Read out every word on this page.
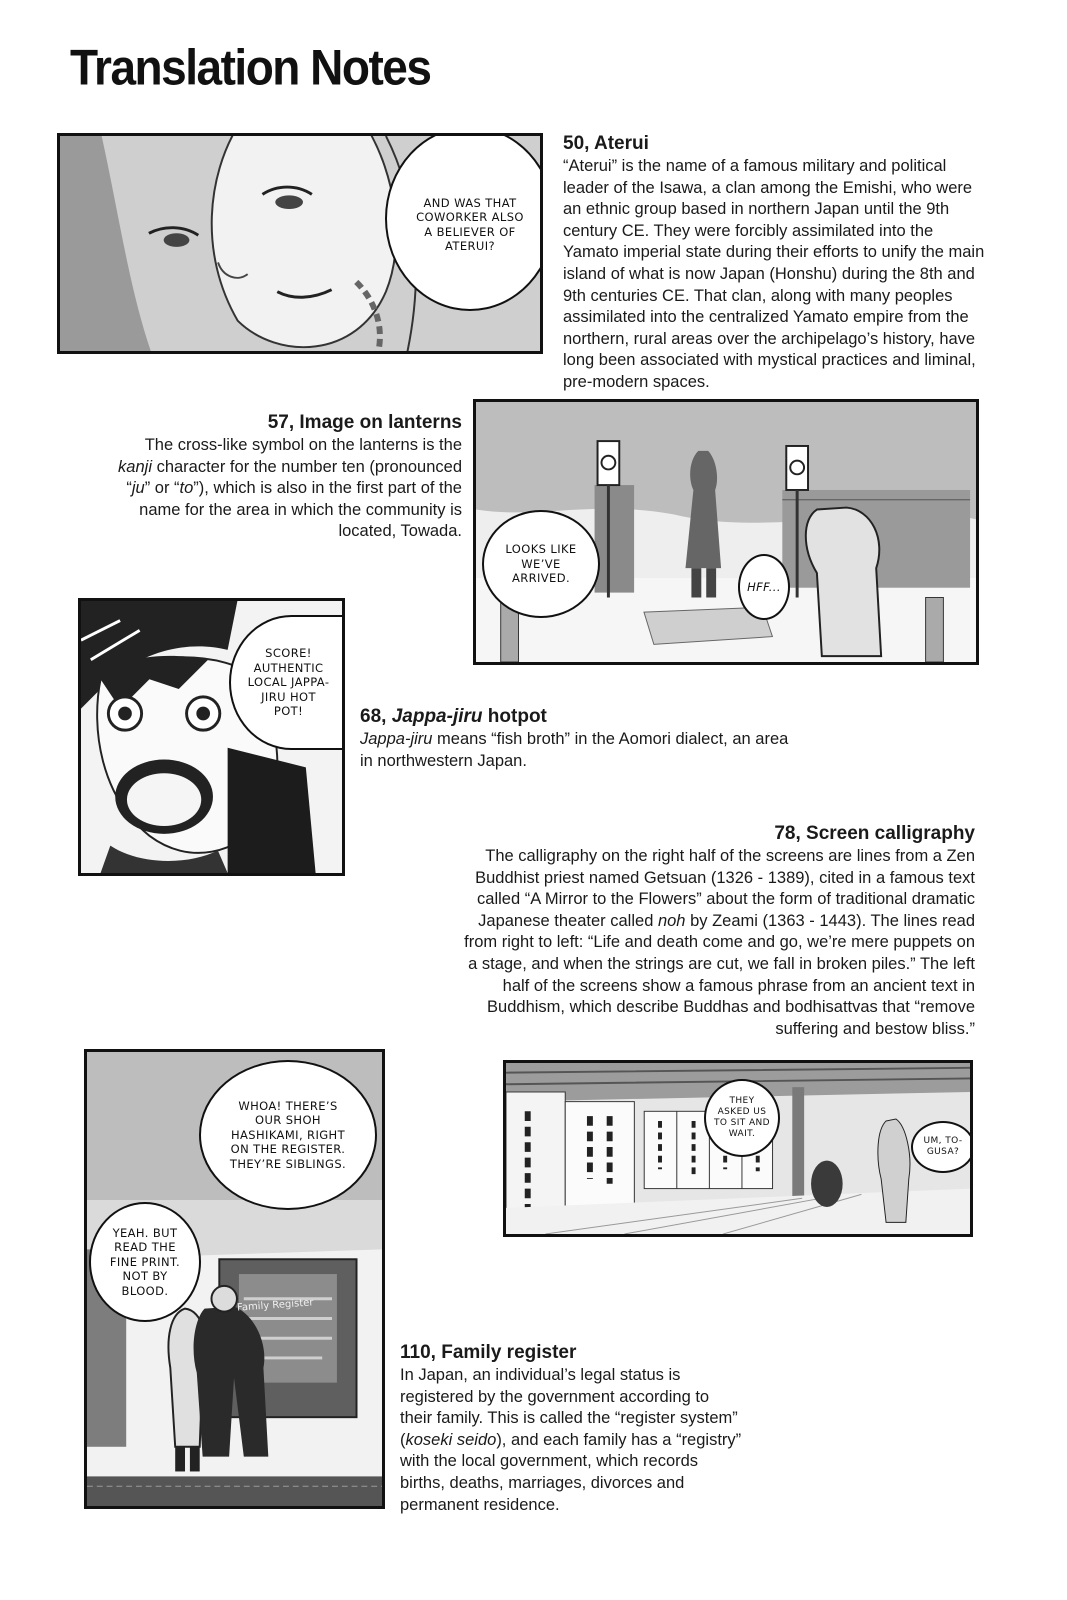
Translation Notes
50, Aterui

“Aterui” is the name of a famous military and political leader of the Isawa, a clan among the Emishi, who were an ethnic group based in northern Japan until the 9th century CE. They were forcibly assimilated into the Yamato imperial state during their efforts to unify the main island of what is now Japan (Honshu) during the 8th and 9th centuries CE. That clan, along with many peoples assimilated into the centralized Yamato empire from the northern, rural areas over the archipelago’s history, have long been associated with mystical practices and liminal, pre-modern spaces.

AND WAS THAT COWORKER ALSO A BELIEVER OF ATERUI?
57, Image on lanterns

The cross-like symbol on the lanterns is the kanji character for the number ten (pronounced “ju” or “to”), which is also in the first part of the name for the area in which the community is located, Towada.

LOOKS LIKE WE’VE ARRIVED.
HFF...
SCORE! AUTHENTIC LOCAL JAPPA-JIRU HOT POT!	68, Jappa-jiru hotpot

Jappa-jiru means “fish broth” in the Aomori dialect, an area in northwestern Japan.

78, Screen calligraphy

The calligraphy on the right half of the screens are lines from a Zen Buddhist priest named Getsuan (1326 - 1389), cited in a famous text called “A Mirror to the Flowers” about the form of traditional dramatic Japanese theater called noh by Zeami (1363 - 1443). The lines read from right to left: “Life and death come and go, we’re mere puppets on a stage, and when the strings are cut, we fall in broken piles.” The left half of the screens show a famous phrase from an ancient text in Buddhism, which describe Buddhas and bodhisattvas that “remove suffering and bestow bliss.”

THEY ASKED US TO SIT AND WAIT.
UM, TO-GUSA?
Family Register
WHOA! THERE’S OUR SHOH HASHIKAMI, RIGHT ON THE REGISTER. THEY’RE SIBLINGS.
YEAH. BUT READ THE FINE PRINT. NOT BY BLOOD.
110, Family register

In Japan, an individual’s legal status is registered by the government according to their family. This is called the “register system” (koseki seido), and each family has a “registry” with the local government, which records births, deaths, marriages, divorces and permanent residence.
